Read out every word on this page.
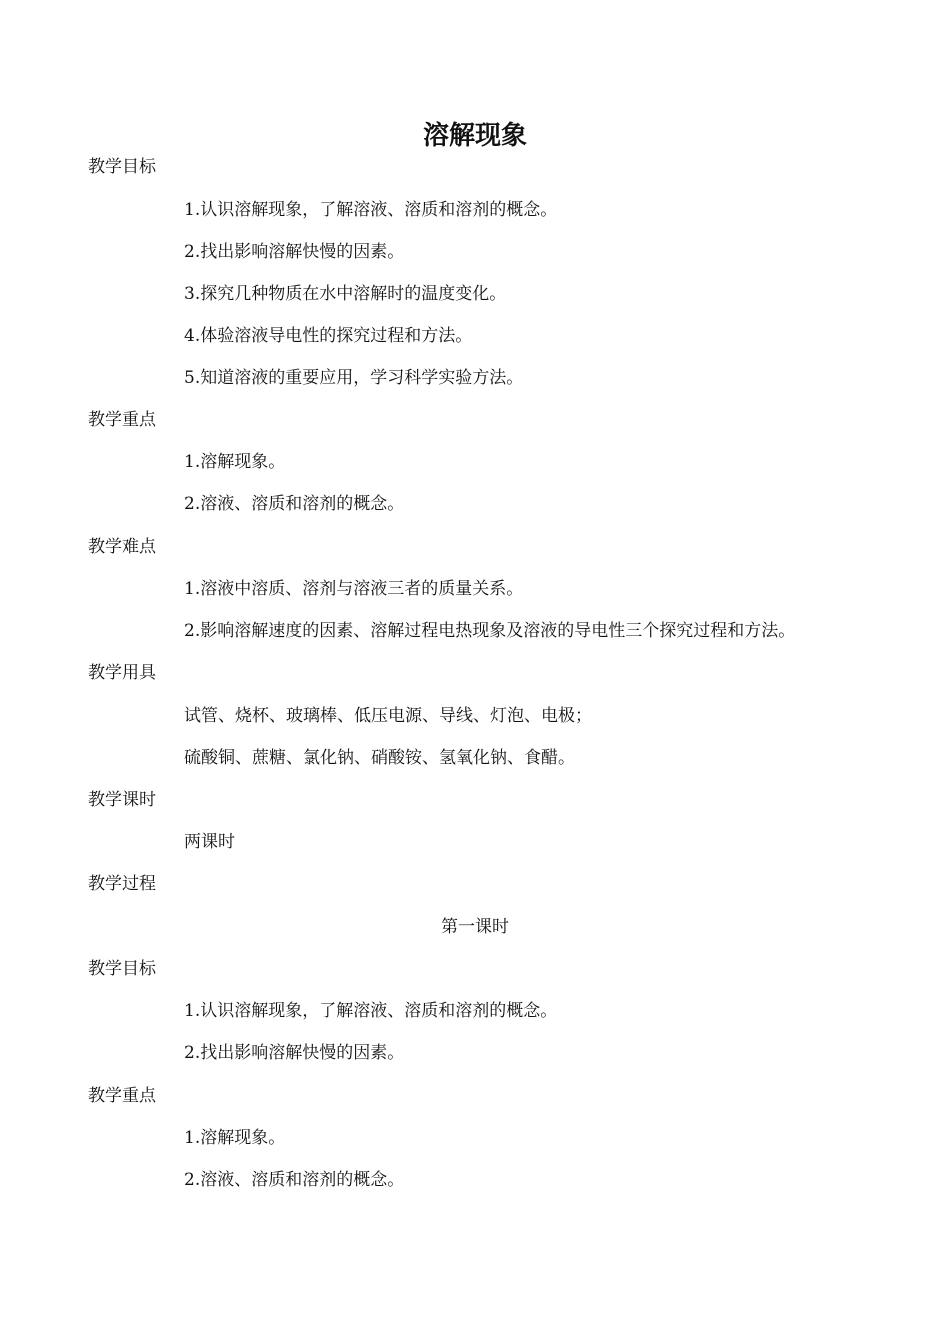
溶解现象
教学目标
1.认识溶解现象，了解溶液、溶质和溶剂的概念。
2.找出影响溶解快慢的因素。
3.探究几种物质在水中溶解时的温度变化。
4.体验溶液导电性的探究过程和方法。
5.知道溶液的重要应用，学习科学实验方法。
教学重点
1.溶解现象。
2.溶液、溶质和溶剂的概念。
教学难点
1.溶液中溶质、溶剂与溶液三者的质量关系。
2.影响溶解速度的因素、溶解过程电热现象及溶液的导电性三个探究过程和方法。
教学用具
试管、烧杯、玻璃棒、低压电源、导线、灯泡、电极；
硫酸铜、蔗糖、氯化钠、硝酸铵、氢氧化钠、食醋。
教学课时
两课时
教学过程
第一课时
教学目标
1.认识溶解现象，了解溶液、溶质和溶剂的概念。
2.找出影响溶解快慢的因素。
教学重点
1.溶解现象。
2.溶液、溶质和溶剂的概念。
